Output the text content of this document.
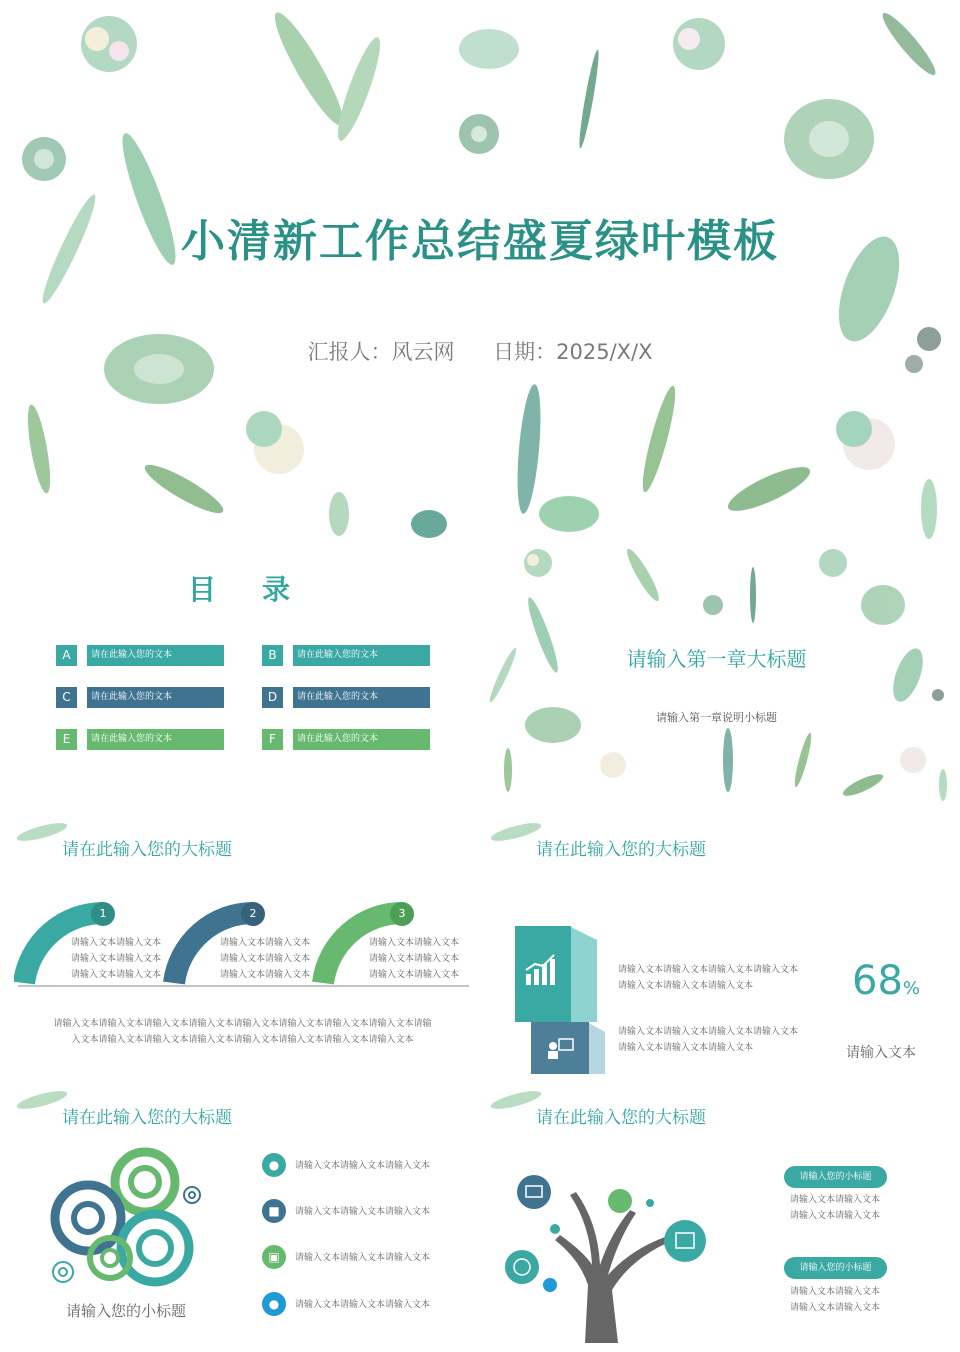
小清新工作总结盛夏绿叶模板
汇报人：风云网 日期：2025/X/X
目 录
A	请在此输入您的文本	B	请在此输入您的文本
C	请在此输入您的文本	D	请在此输入您的文本
E	请在此输入您的文本	F	请在此输入您的文本
请输入第一章大标题
请输入第一章说明小标题
请在此输入您的大标题
1	2	3
请输入文本请输入文本
请输入文本请输入文本
请输入文本请输入文本
请输入文本请输入文本
请输入文本请输入文本
请输入文本请输入文本
请输入文本请输入文本
请输入文本请输入文本
请输入文本请输入文本
请输入文本请输入文本请输入文本请输入文本请输入文本请输入文本请输入文本请输入文本请输
入文本请输入文本请输入文本请输入文本请输入文本请输入文本请输入文本请输入文本
请在此输入您的大标题
请输入文本请输入文本请输入文本请输入文本
请输入文本请输入文本请输入文本
请输入文本请输入文本请输入文本请输入文本
请输入文本请输入文本请输入文本
68%
请输入文本
请在此输入您的大标题
请输入您的小标题
●	请输入文本请输入文本请输入文本
■	请输入文本请输入文本请输入文本
▣	请输入文本请输入文本请输入文本
●	请输入文本请输入文本请输入文本
请在此输入您的大标题
请输入您的小标题
请输入文本请输入文本
请输入文本请输入文本
请输入您的小标题
请输入文本请输入文本
请输入文本请输入文本
